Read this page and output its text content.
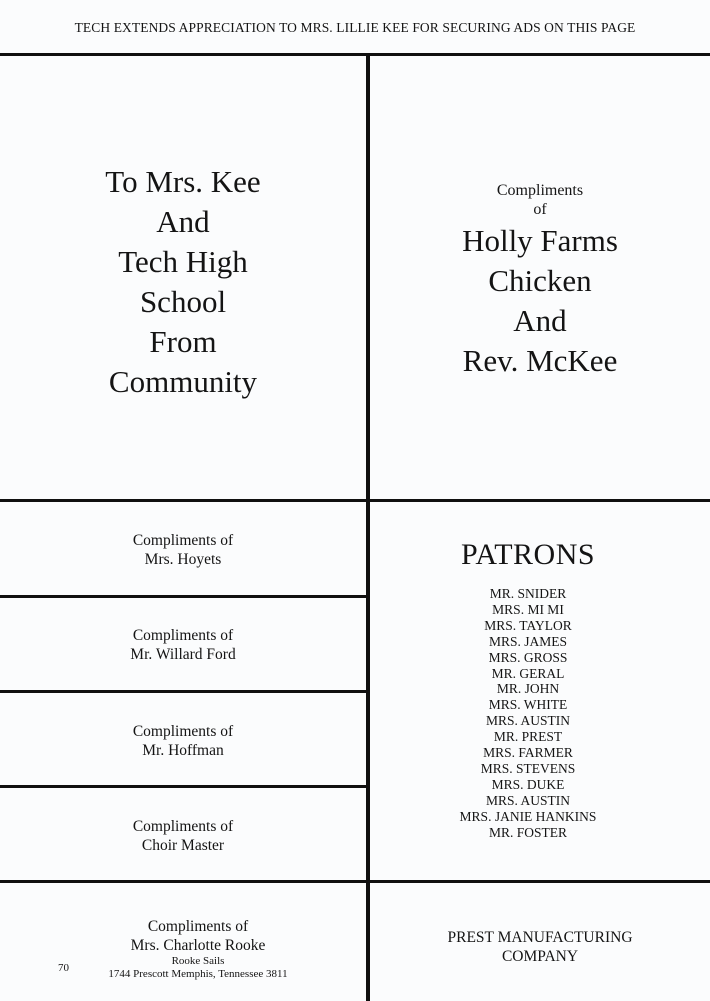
TECH EXTENDS APPRECIATION TO MRS. LILLIE KEE FOR SECURING ADS ON THIS PAGE
To Mrs. Kee
And
Tech High
School
From
Community
Compliments
of
Holly Farms
Chicken
And
Rev. McKee
Compliments of
Mrs. Hoyets
Compliments of
Mr. Willard Ford
Compliments of
Mr. Hoffman
Compliments of
Choir Master
Compliments of
Mrs. Charlotte Rooke
Rooke Sails
1744 Prescott Memphis, Tennessee 3811
70
PATRONS
MR. SNIDER
MRS. MI MI
MRS. TAYLOR
MRS. JAMES
MRS. GROSS
MR. GERAL
MR. JOHN
MRS. WHITE
MRS. AUSTIN
MR. PREST
MRS. FARMER
MRS. STEVENS
MRS. DUKE
MRS. AUSTIN
MRS. JANIE HANKINS
MR. FOSTER
PREST MANUFACTURING
COMPANY
